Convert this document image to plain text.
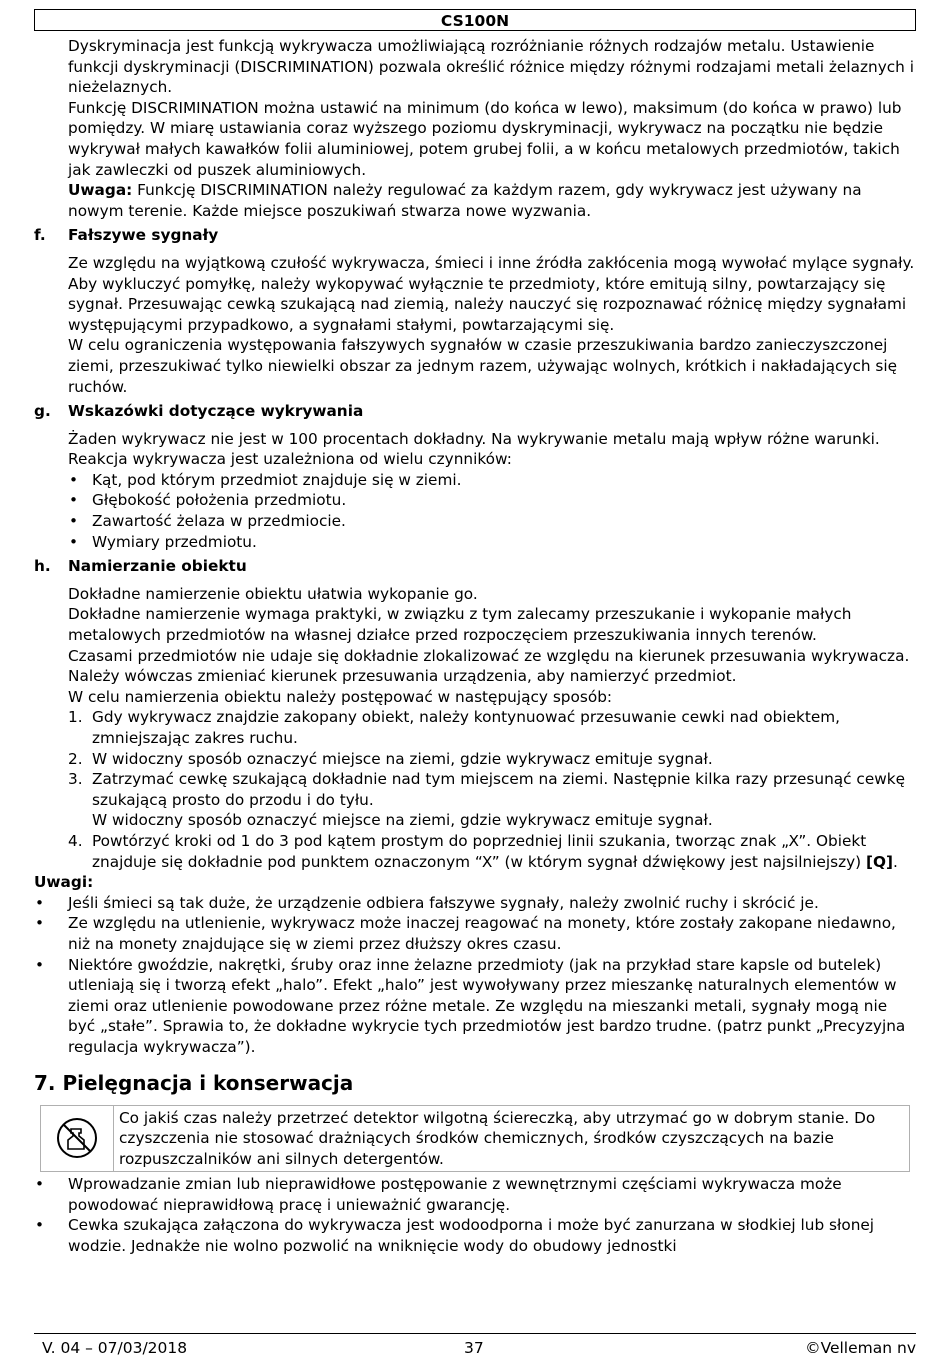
CS100N

Dyskryminacja jest funkcją wykrywacza umożliwiającą rozróżnianie różnych rodzajów metalu. Ustawienie funkcji dyskryminacji (DISCRIMINATION) pozwala określić różnice między różnymi rodzajami metali żelaznych i nieżelaznych.

Funkcję DISCRIMINATION można ustawić na minimum (do końca w lewo), maksimum (do końca w prawo) lub pomiędzy. W miarę ustawiania coraz wyższego poziomu dyskryminacji, wykrywacz na początku nie będzie wykrywał małych kawałków folii aluminiowej, potem grubej folii, a w końcu metalowych przedmiotów, takich jak zawleczki od puszek aluminiowych.

Uwaga: Funkcję DISCRIMINATION należy regulować za każdym razem, gdy wykrywacz jest używany na nowym terenie. Każde miejsce poszukiwań stwarza nowe wyzwania.

f.	Fałszywe sygnały

Ze względu na wyjątkową czułość wykrywacza, śmieci i inne źródła zakłócenia mogą wywołać mylące sygnały. Aby wykluczyć pomyłkę, należy wykopywać wyłącznie te przedmioty, które emitują silny, powtarzający się sygnał. Przesuwając cewką szukającą nad ziemią, należy nauczyć się rozpoznawać różnicę między sygnałami występującymi przypadkowo, a sygnałami stałymi, powtarzającymi się.

W celu ograniczenia występowania fałszywych sygnałów w czasie przeszukiwania bardzo zanieczyszczonej ziemi, przeszukiwać tylko niewielki obszar za jednym razem, używając wolnych, krótkich i nakładających się ruchów.

g.	Wskazówki dotyczące wykrywania

Żaden wykrywacz nie jest w 100 procentach dokładny. Na wykrywanie metalu mają wpływ różne warunki. Reakcja wykrywacza jest uzależniona od wielu czynników:

• Kąt, pod którym przedmiot znajduje się w ziemi.
• Głębokość położenia przedmiotu.
• Zawartość żelaza w przedmiocie.
• Wymiary przedmiotu.
h.	Namierzanie obiektu

Dokładne namierzenie obiektu ułatwia wykopanie go.

Dokładne namierzenie wymaga praktyki, w związku z tym zalecamy przeszukanie i wykopanie małych metalowych przedmiotów na własnej działce przed rozpoczęciem przeszukiwania innych terenów.

Czasami przedmiotów nie udaje się dokładnie zlokalizować ze względu na kierunek przesuwania wykrywacza. Należy wówczas zmieniać kierunek przesuwania urządzenia, aby namierzyć przedmiot.

W celu namierzenia obiektu należy postępować w następujący sposób:

1. Gdy wykrywacz znajdzie zakopany obiekt, należy kontynuować przesuwanie cewki nad obiektem, zmniejszając zakres ruchu.
2. W widoczny sposób oznaczyć miejsce na ziemi, gdzie wykrywacz emituje sygnał.
3. Zatrzymać cewkę szukającą dokładnie nad tym miejscem na ziemi. Następnie kilka razy przesunąć cewkę szukającą prosto do przodu i do tyłu.
W widoczny sposób oznaczyć miejsce na ziemi, gdzie wykrywacz emituje sygnał.
4. Powtórzyć kroki od 1 do 3 pod kątem prostym do poprzedniej linii szukania, tworząc znak „X”. Obiekt znajduje się dokładnie pod punktem oznaczonym “X” (w którym sygnał dźwiękowy jest najsilniejszy) [Q].

Uwagi:

• Jeśli śmieci są tak duże, że urządzenie odbiera fałszywe sygnały, należy zwolnić ruchy i skrócić je.
• Ze względu na utlenienie, wykrywacz może inaczej reagować na monety, które zostały zakopane niedawno, niż na monety znajdujące się w ziemi przez dłuższy okres czasu.
• Niektóre gwoździe, nakrętki, śruby oraz inne żelazne przedmioty (jak na przykład stare kapsle od butelek) utleniają się i tworzą efekt „halo”. Efekt „halo” jest wywoływany przez mieszankę naturalnych elementów w ziemi oraz utlenienie powodowane przez różne metale. Ze względu na mieszanki metali, sygnały mogą nie być „stałe”. Sprawia to, że dokładne wykrycie tych przedmiotów jest bardzo trudne. (patrz punkt „Precyzyjna regulacja wykrywacza”).
7. Pielęgnacja i konserwacja
Co jakiś czas należy przetrzeć detektor wilgotną ściereczką, aby utrzymać go w dobrym stanie. Do czyszczenia nie stosować drażniących środków chemicznych, środków czyszczących na bazie rozpuszczalników ani silnych detergentów.
• Wprowadzanie zmian lub nieprawidłowe postępowanie z wewnętrznymi częściami wykrywacza może powodować nieprawidłową pracę i unieważnić gwarancję.
• Cewka szukająca załączona do wykrywacza jest wodoodporna i może być zanurzana w słodkiej lub słonej wodzie. Jednakże nie wolno pozwolić na wniknięcie wody do obudowy jednostki
V. 04 – 07/03/2018	37	©Velleman nv
